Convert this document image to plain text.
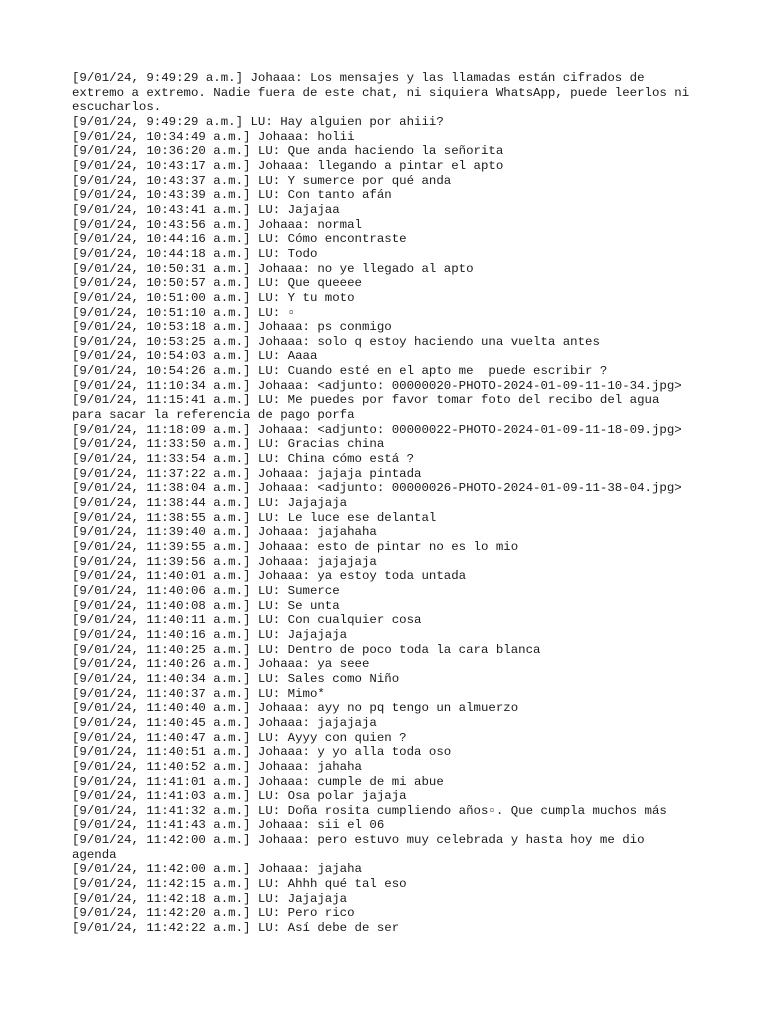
[9/01/24, 9:49:29 a.m.] Johaaa: Los mensajes y las llamadas están cifrados de
extremo a extremo. Nadie fuera de este chat, ni siquiera WhatsApp, puede leerlos ni
escucharlos.
[9/01/24, 9:49:29 a.m.] LU: Hay alguien por ahiii?
[9/01/24, 10:34:49 a.m.] Johaaa: holii
[9/01/24, 10:36:20 a.m.] LU: Que anda haciendo la señorita
[9/01/24, 10:43:17 a.m.] Johaaa: llegando a pintar el apto
[9/01/24, 10:43:37 a.m.] LU: Y sumerce por qué anda
[9/01/24, 10:43:39 a.m.] LU: Con tanto afán
[9/01/24, 10:43:41 a.m.] LU: Jajajaa
[9/01/24, 10:43:56 a.m.] Johaaa: normal
[9/01/24, 10:44:16 a.m.] LU: Cómo encontraste
[9/01/24, 10:44:18 a.m.] LU: Todo
[9/01/24, 10:50:31 a.m.] Johaaa: no ye llegado al apto
[9/01/24, 10:50:57 a.m.] LU: Que queeee
[9/01/24, 10:51:00 a.m.] LU: Y tu moto
[9/01/24, 10:51:10 a.m.] LU: ▫
[9/01/24, 10:53:18 a.m.] Johaaa: ps conmigo
[9/01/24, 10:53:25 a.m.] Johaaa: solo q estoy haciendo una vuelta antes
[9/01/24, 10:54:03 a.m.] LU: Aaaa
[9/01/24, 10:54:26 a.m.] LU: Cuando esté en el apto me  puede escribir ?
[9/01/24, 11:10:34 a.m.] Johaaa: <adjunto: 00000020-PHOTO-2024-01-09-11-10-34.jpg>
[9/01/24, 11:15:41 a.m.] LU: Me puedes por favor tomar foto del recibo del agua
para sacar la referencia de pago porfa
[9/01/24, 11:18:09 a.m.] Johaaa: <adjunto: 00000022-PHOTO-2024-01-09-11-18-09.jpg>
[9/01/24, 11:33:50 a.m.] LU: Gracias china
[9/01/24, 11:33:54 a.m.] LU: China cómo está ?
[9/01/24, 11:37:22 a.m.] Johaaa: jajaja pintada
[9/01/24, 11:38:04 a.m.] Johaaa: <adjunto: 00000026-PHOTO-2024-01-09-11-38-04.jpg>
[9/01/24, 11:38:44 a.m.] LU: Jajajaja
[9/01/24, 11:38:55 a.m.] LU: Le luce ese delantal
[9/01/24, 11:39:40 a.m.] Johaaa: jajahaha
[9/01/24, 11:39:55 a.m.] Johaaa: esto de pintar no es lo mio
[9/01/24, 11:39:56 a.m.] Johaaa: jajajaja
[9/01/24, 11:40:01 a.m.] Johaaa: ya estoy toda untada
[9/01/24, 11:40:06 a.m.] LU: Sumerce
[9/01/24, 11:40:08 a.m.] LU: Se unta
[9/01/24, 11:40:11 a.m.] LU: Con cualquier cosa
[9/01/24, 11:40:16 a.m.] LU: Jajajaja
[9/01/24, 11:40:25 a.m.] LU: Dentro de poco toda la cara blanca
[9/01/24, 11:40:26 a.m.] Johaaa: ya seee
[9/01/24, 11:40:34 a.m.] LU: Sales como Niño
[9/01/24, 11:40:37 a.m.] LU: Mimo*
[9/01/24, 11:40:40 a.m.] Johaaa: ayy no pq tengo un almuerzo
[9/01/24, 11:40:45 a.m.] Johaaa: jajajaja
[9/01/24, 11:40:47 a.m.] LU: Ayyy con quien ?
[9/01/24, 11:40:51 a.m.] Johaaa: y yo alla toda oso
[9/01/24, 11:40:52 a.m.] Johaaa: jahaha
[9/01/24, 11:41:01 a.m.] Johaaa: cumple de mi abue
[9/01/24, 11:41:03 a.m.] LU: Osa polar jajaja
[9/01/24, 11:41:32 a.m.] LU: Doña rosita cumpliendo años▫. Que cumpla muchos más
[9/01/24, 11:41:43 a.m.] Johaaa: sii el 06
[9/01/24, 11:42:00 a.m.] Johaaa: pero estuvo muy celebrada y hasta hoy me dio
agenda
[9/01/24, 11:42:00 a.m.] Johaaa: jajaha
[9/01/24, 11:42:15 a.m.] LU: Ahhh qué tal eso
[9/01/24, 11:42:18 a.m.] LU: Jajajaja
[9/01/24, 11:42:20 a.m.] LU: Pero rico
[9/01/24, 11:42:22 a.m.] LU: Así debe de ser
